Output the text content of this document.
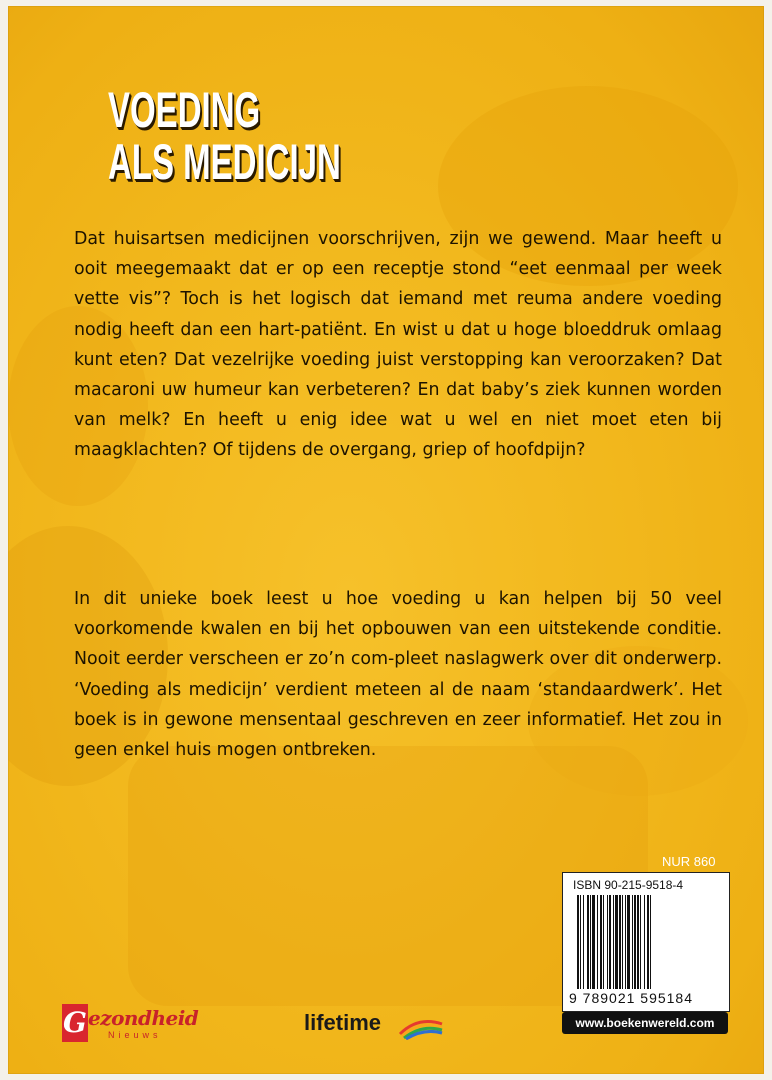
VOEDING
ALS MEDICIJN
Dat huisartsen medicijnen voorschrijven, zijn we gewend. Maar heeft u ooit meegemaakt dat er op een receptje stond “eet eenmaal per week vette vis”? Toch is het logisch dat iemand met reuma andere voeding nodig heeft dan een hart-patiënt. En wist u dat u hoge bloeddruk omlaag kunt eten? Dat vezelrijke voeding juist verstopping kan veroorzaken? Dat macaroni uw humeur kan verbeteren? En dat baby’s ziek kunnen worden van melk? En heeft u enig idee wat u wel en niet moet eten bij maagklachten? Of tijdens de overgang, griep of hoofdpijn?
In dit unieke boek leest u hoe voeding u kan helpen bij 50 veel voorkomende kwalen en bij het opbouwen van een uitstekende conditie. Nooit eerder verscheen er zo’n com-pleet naslagwerk over dit onderwerp. ‘Voeding als medicijn’ verdient meteen al de naam ‘standaardwerk’. Het boek is in gewone mensentaal geschreven en zeer informatief. Het zou in geen enkel huis mogen ontbreken.
NUR 860
ISBN 90-215-9518-4
9 789021 595184
www.boekenwereld.com
G ezondheid
Nieuws	lifetime
